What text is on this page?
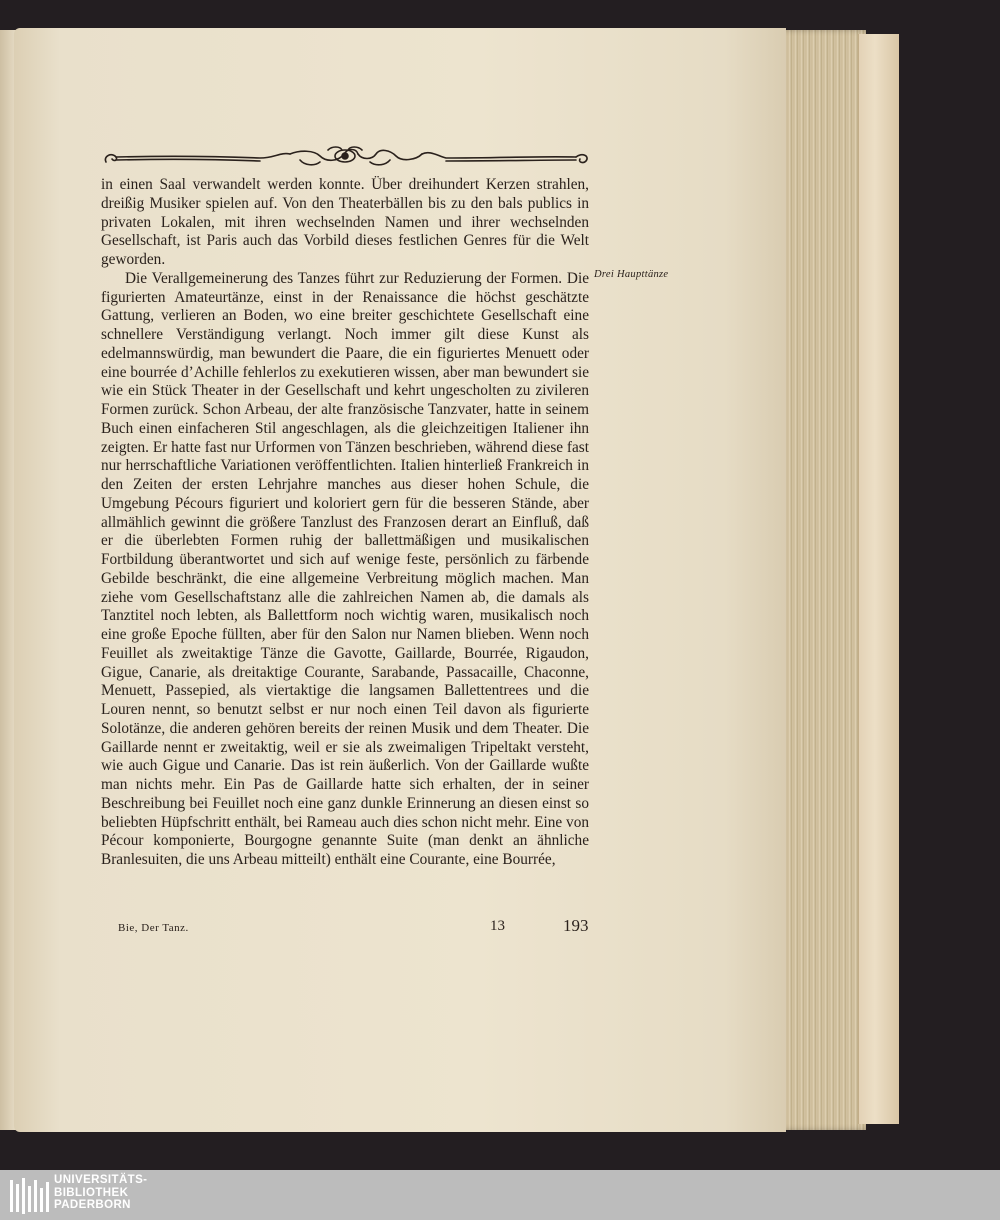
in einen Saal verwandelt werden konnte. Über dreihundert Kerzen strahlen, dreißig Musiker spielen auf. Von den Theaterbällen bis zu den bals publics in privaten Lokalen, mit ihren wechselnden Namen und ihrer wechselnden Gesellschaft, ist Paris auch das Vorbild dieses festlichen Genres für die Welt geworden.

Die Verallgemeinerung des Tanzes führt zur Reduzierung der Formen. Die figurierten Amateurtänze, einst in der Renaissance die höchst geschätzte Gattung, verlieren an Boden, wo eine breiter geschichtete Gesellschaft eine schnellere Verständigung verlangt. Noch immer gilt diese Kunst als edelmannswürdig, man bewundert die Paare, die ein figuriertes Menuett oder eine bourrée d’Achille fehlerlos zu exekutieren wissen, aber man bewundert sie wie ein Stück Theater in der Gesellschaft und kehrt ungescholten zu zivileren Formen zurück. Schon Arbeau, der alte französische Tanzvater, hatte in seinem Buch einen einfacheren Stil angeschlagen, als die gleichzeitigen Italiener ihn zeigten. Er hatte fast nur Urformen von Tänzen beschrieben, während diese fast nur herrschaftliche Variationen veröffentlichten. Italien hinterließ Frankreich in den Zeiten der ersten Lehrjahre manches aus dieser hohen Schule, die Umgebung Pécours figuriert und koloriert gern für die besseren Stände, aber allmählich gewinnt die größere Tanzlust des Franzosen derart an Einfluß, daß er die überlebten Formen ruhig der ballettmäßigen und musikalischen Fortbildung überantwortet und sich auf wenige feste, persönlich zu färbende Gebilde beschränkt, die eine allgemeine Verbreitung möglich machen. Man ziehe vom Gesellschaftstanz alle die zahlreichen Namen ab, die damals als Tanztitel noch lebten, als Ballettform noch wichtig waren, musikalisch noch eine große Epoche füllten, aber für den Salon nur Namen blieben. Wenn noch Feuillet als zweitaktige Tänze die Gavotte, Gaillarde, Bourrée, Rigaudon, Gigue, Canarie, als dreitaktige Courante, Sarabande, Passacaille, Chaconne, Menuett, Passepied, als viertaktige die langsamen Ballettentrees und die Louren nennt, so benutzt selbst er nur noch einen Teil davon als figurierte Solotänze, die anderen gehören bereits der reinen Musik und dem Theater. Die Gaillarde nennt er zweitaktig, weil er sie als zweimaligen Tripeltakt versteht, wie auch Gigue und Canarie. Das ist rein äußerlich. Von der Gaillarde wußte man nichts mehr. Ein Pas de Gaillarde hatte sich erhalten, der in seiner Beschreibung bei Feuillet noch eine ganz dunkle Erinnerung an diesen einst so beliebten Hüpfschritt enthält, bei Rameau auch dies schon nicht mehr. Eine von Pécour komponierte, Bourgogne genannte Suite (man denkt an ähnliche Branlesuiten, die uns Arbeau mitteilt) enthält eine Courante, eine Bourrée,

Drei Haupttänze
Bie, Der Tanz.	13	193
UNIVERSITÄTS-
BIBLIOTHEK
PADERBORN
